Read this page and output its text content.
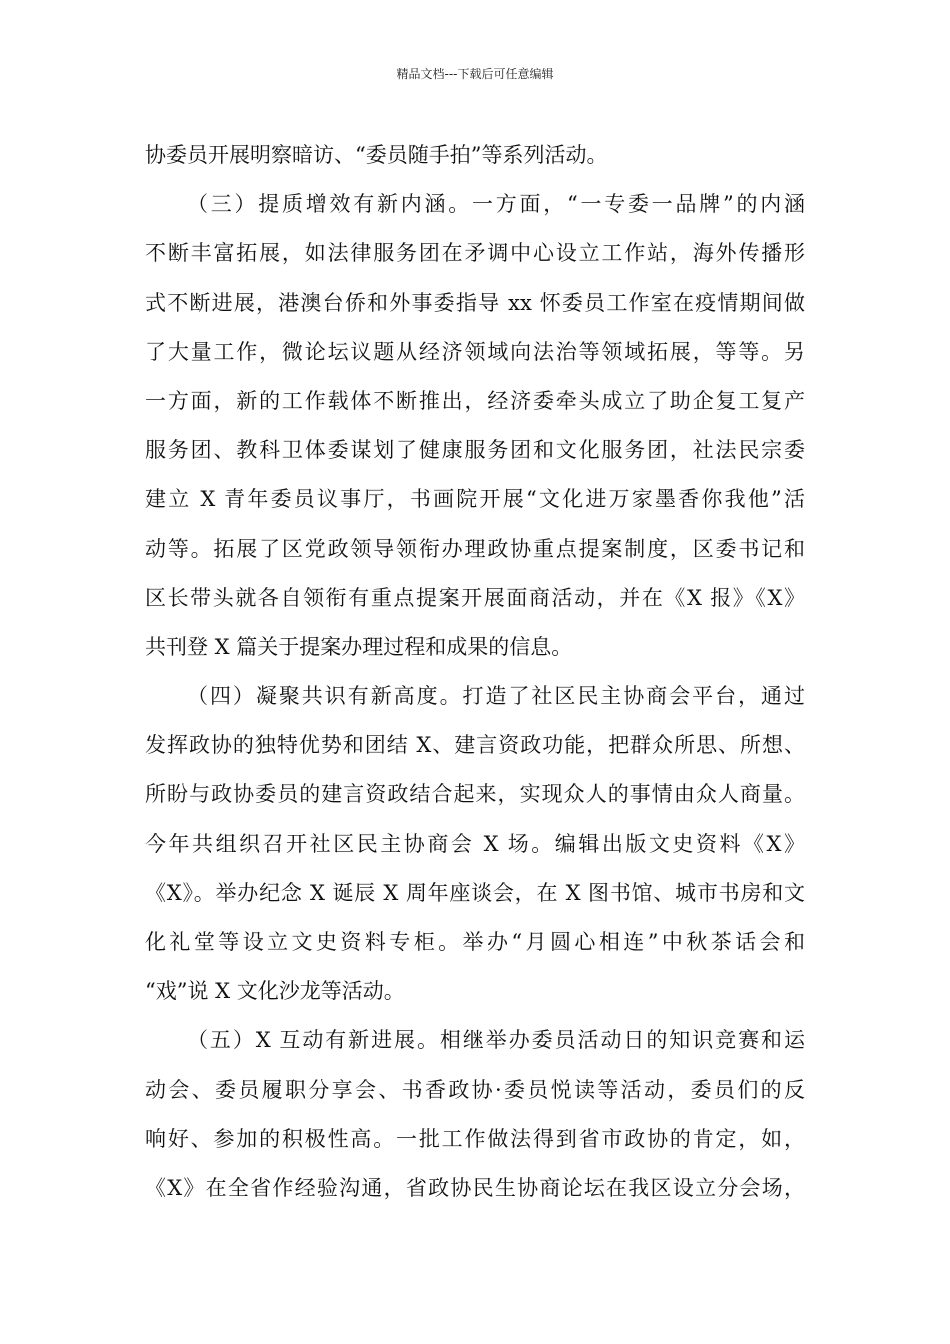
精品文档---下载后可任意编辑
协委员开展明察暗访、“委员随手拍”等系列活动。
（三）提质增效有新内涵。一方面，“一专委一品牌”的内涵
不断丰富拓展，如法律服务团在矛调中心设立工作站，海外传播形
式不断进展，港澳台侨和外事委指导 xx 怀委员工作室在疫情期间做
了大量工作，微论坛议题从经济领域向法治等领域拓展，等等。另
一方面，新的工作载体不断推出，经济委牵头成立了助企复工复产
服务团、教科卫体委谋划了健康服务团和文化服务团，社法民宗委
建立 X 青年委员议事厅，书画院开展“文化进万家墨香你我他”活
动等。拓展了区党政领导领衔办理政协重点提案制度，区委书记和
区长带头就各自领衔有重点提案开展面商活动，并在《X 报》《X》
共刊登 X 篇关于提案办理过程和成果的信息。
（四）凝聚共识有新高度。打造了社区民主协商会平台，通过
发挥政协的独特优势和团结 X、建言资政功能，把群众所思、所想、
所盼与政协委员的建言资政结合起来，实现众人的事情由众人商量。
今年共组织召开社区民主协商会 X 场。编辑出版文史资料《X》
《X》。举办纪念 X 诞辰 X 周年座谈会，在 X 图书馆、城市书房和文
化礼堂等设立文史资料专柜。举办“月圆心相连”中秋茶话会和
“戏”说 X 文化沙龙等活动。
（五）X 互动有新进展。相继举办委员活动日的知识竞赛和运
动会、委员履职分享会、书香政协·委员悦读等活动，委员们的反
响好、参加的积极性高。一批工作做法得到省市政协的肯定，如，
《X》在全省作经验沟通，省政协民生协商论坛在我区设立分会场，
